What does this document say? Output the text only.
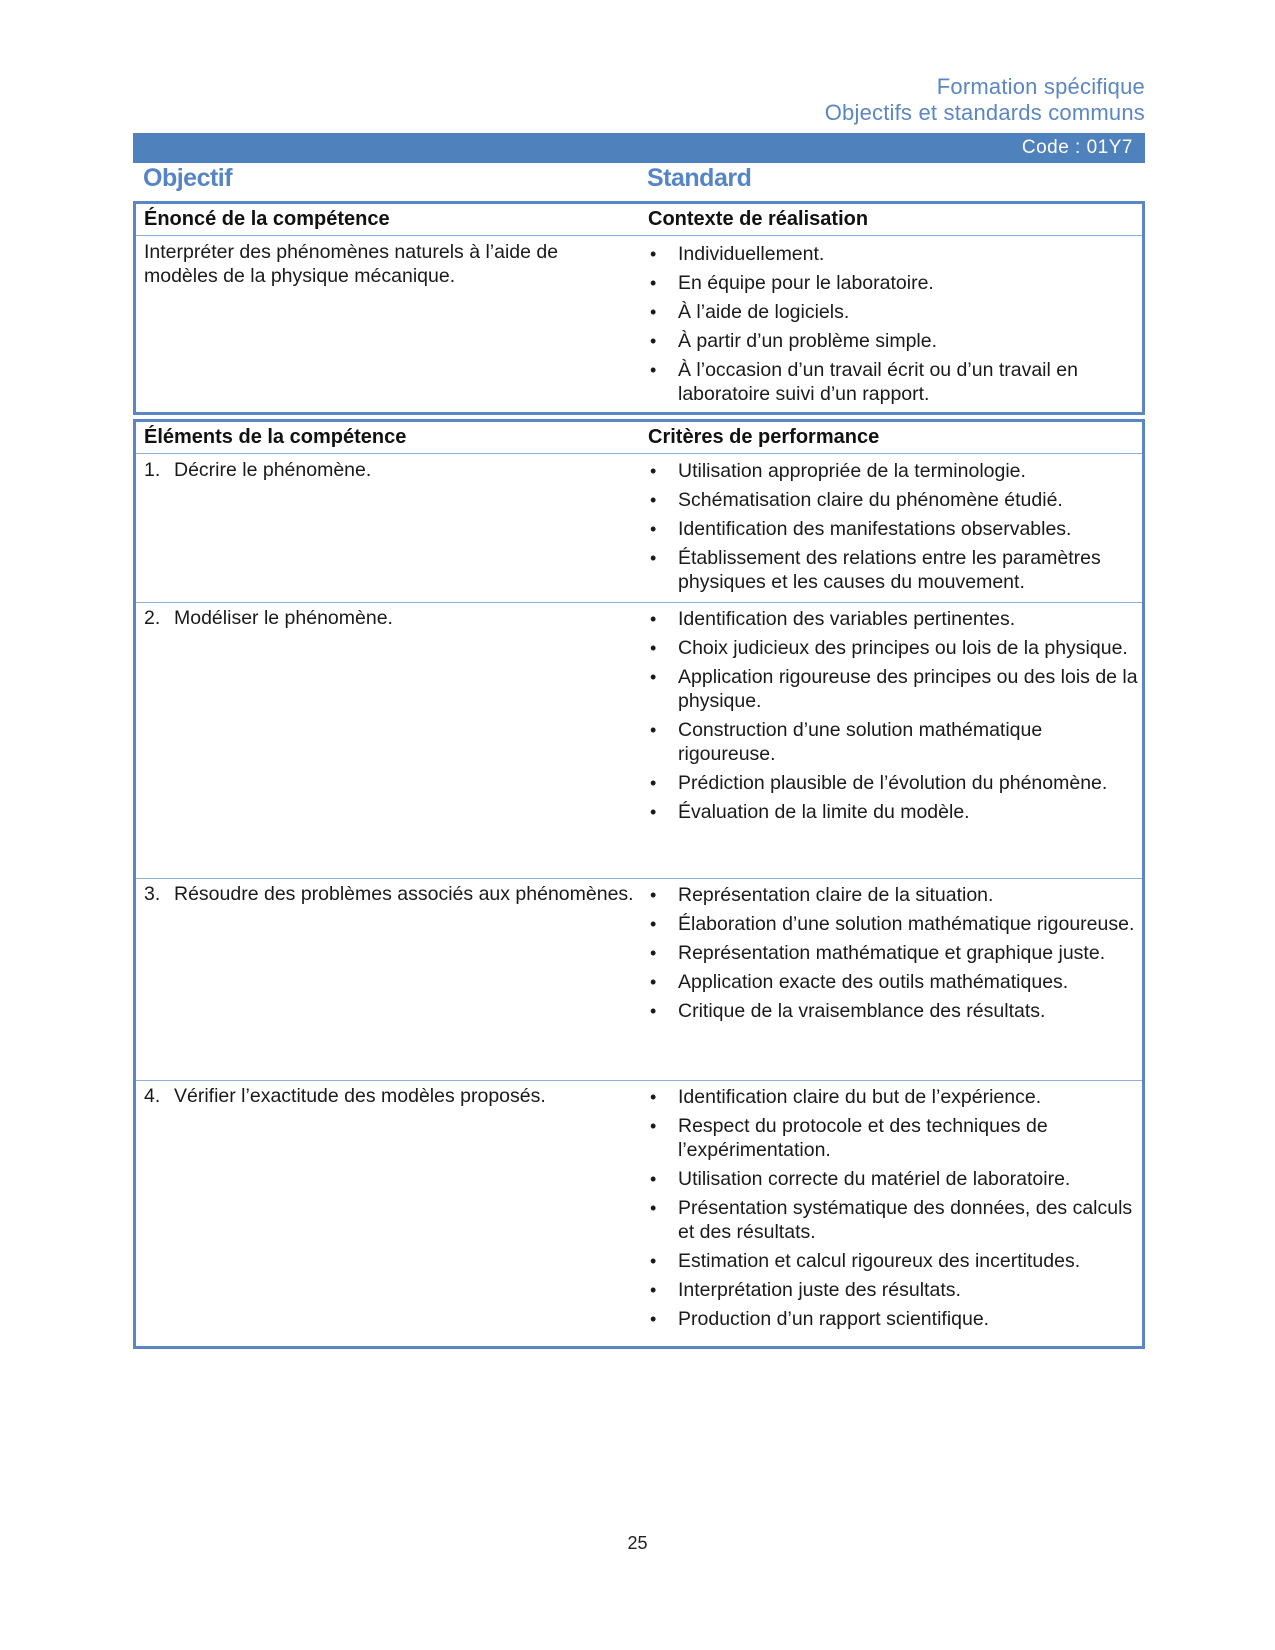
Formation spécifique
Objectifs et standards communs
Code : 01Y7
Objectif	Standard
Énoncé de la compétence	Contexte de réalisation
Interpréter des phénomènes naturels à l’aide de modèles de la physique mécanique.
• Individuellement.
• En équipe pour le laboratoire.
• À l’aide de logiciels.
• À partir d’un problème simple.
• À l’occasion d’un travail écrit ou d’un travail en laboratoire suivi d’un rapport.
Éléments de la compétence	Critères de performance
1. Décrire le phénomène.	• Utilisation appropriée de la terminologie.
• Schématisation claire du phénomène étudié.
• Identification des manifestations observables.
• Établissement des relations entre les paramètres physiques et les causes du mouvement.
2. Modéliser le phénomène.	• Identification des variables pertinentes.
• Choix judicieux des principes ou lois de la physique.
• Application rigoureuse des principes ou des lois de la physique.
• Construction d’une solution mathématique rigoureuse.
• Prédiction plausible de l’évolution du phénomène.
• Évaluation de la limite du modèle.
3. Résoudre des problèmes associés aux phénomènes. • Représentation claire de la situation.
• Élaboration d’une solution mathématique rigoureuse.
• Représentation mathématique et graphique juste.
• Application exacte des outils mathématiques.
• Critique de la vraisemblance des résultats.
4. Vérifier l’exactitude des modèles proposés.	• Identification claire du but de l’expérience.
• Respect du protocole et des techniques de l’expérimentation.
• Utilisation correcte du matériel de laboratoire.
• Présentation systématique des données, des calculs et des résultats.
• Estimation et calcul rigoureux des incertitudes.
• Interprétation juste des résultats.
• Production d’un rapport scientifique.
25
